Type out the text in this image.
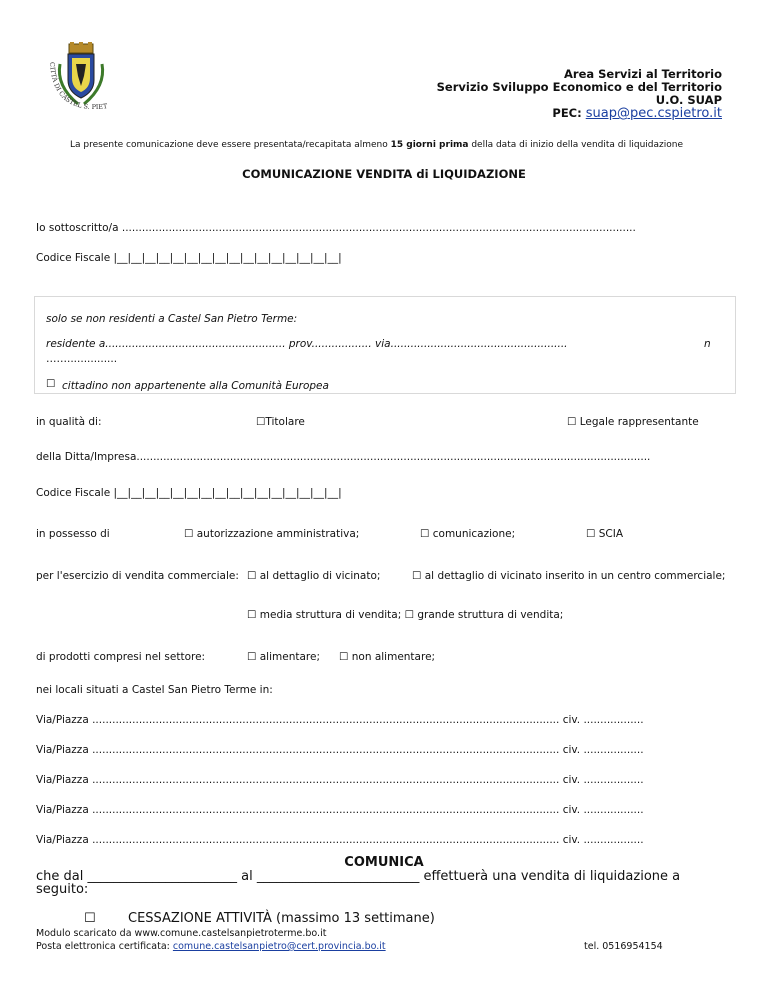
CITTÀ DI CASTEL S. PIET
Area Servizi al Territorio
Servizio Sviluppo Economico e del Territorio
U.O. SUAP
PEC: suap@pec.cspietro.it
La presente comunicazione deve essere presentata/recapitata almeno 15 giorni prima della data di inizio della vendita di liquidazione
COMUNICAZIONE VENDITA di LIQUIDAZIONE
Io sottoscritto/a ..........................................................................................................................................................
Codice Fiscale |__|__|__|__|__|__|__|__|__|__|__|__|__|__|__|__|
solo se non residenti a Castel San Pietro Terme:
residente a...................................................... prov.................. via.....................................................	n
……...............
☐ cittadino non appartenente alla Comunità Europea
in qualità di:	☐Titolare	☐ Legale rappresentante
della Ditta/Impresa..........................................................................................................................................................
Codice Fiscale |__|__|__|__|__|__|__|__|__|__|__|__|__|__|__|__|
in possesso di	☐ autorizzazione amministrativa;	☐ comunicazione;	☐ SCIA
per l'esercizio di vendita commerciale: ☐ al dettaglio di vicinato;	☐ al dettaglio di vicinato inserito in un centro commerciale;
☐ media struttura di vendita; ☐ grande struttura di vendita;
di prodotti compresi nel settore:	☐ alimentare; ☐ non alimentare;
nei locali situati a Castel San Pietro Terme in:
Via/Piazza ............................................................................................................................................ civ. ..................
Via/Piazza ............................................................................................................................................ civ. ..................
Via/Piazza ............................................................................................................................................ civ. ..................
Via/Piazza ............................................................................................................................................ civ. ..................
Via/Piazza ............................................................................................................................................ civ. ..................
COMUNICA
che dal _______________________ al _________________________ effettuerà una vendita di liquidazione a
seguito:
☐ CESSAZIONE ATTIVITÀ (massimo 13 settimane)
Modulo scaricato da www.comune.castelsanpietroterme.bo.it
Posta elettronica certificata: comune.castelsanpietro@cert.provincia.bo.it	tel. 0516954154
